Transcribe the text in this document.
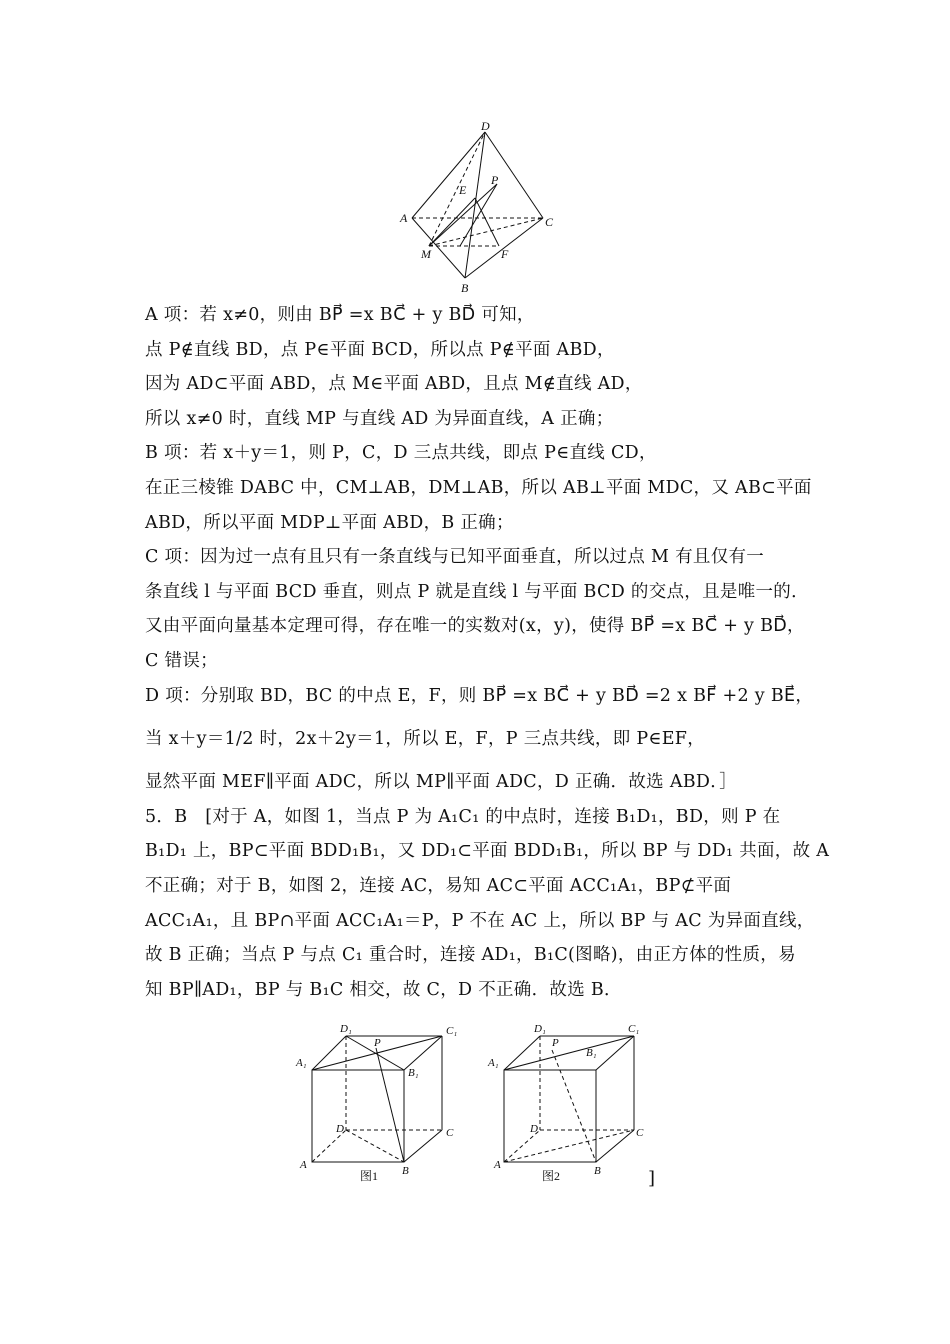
D
A	C
E
P
M	F
B
A 项：若 x≠0，则由 BP⃗ =x BC⃗ + y BD⃗ 可知，
点 P∉直线 BD，点 P∈平面 BCD，所以点 P∉平面 ABD，
因为 AD⊂平面 ABD，点 M∈平面 ABD，且点 M∉直线 AD，
所以 x≠0 时，直线 MP 与直线 AD 为异面直线，A 正确；
B 项：若 x＋y＝1，则 P，C，D 三点共线，即点 P∈直线 CD，
在正三棱锥 DABC 中，CM⊥AB，DM⊥AB，所以 AB⊥平面 MDC，又 AB⊂平面
ABD，所以平面 MDP⊥平面 ABD，B 正确；
C 项：因为过一点有且只有一条直线与已知平面垂直，所以过点 M 有且仅有一
条直线 l 与平面 BCD 垂直，则点 P 就是直线 l 与平面 BCD 的交点，且是唯一的．
又由平面向量基本定理可得，存在唯一的实数对(x，y)，使得 BP⃗ =x BC⃗ + y BD⃗，
C 错误；
D 项：分别取 BD，BC 的中点 E，F，则 BP⃗ =x BC⃗ + y BD⃗ =2 x BF⃗ +2 y BE⃗，
当 x＋y＝1/2 时，2x＋2y＝1，所以 E，F，P 三点共线，即 P∈EF，
显然平面 MEF∥平面 ADC，所以 MP∥平面 ADC，D 正确．故选 ABD．］
5．B　[对于 A，如图 1，当点 P 为 A₁C₁ 的中点时，连接 B₁D₁，BD，则 P 在
B₁D₁ 上，BP⊂平面 BDD₁B₁，又 DD₁⊂平面 BDD₁B₁，所以 BP 与 DD₁ 共面，故 A
不正确；对于 B，如图 2，连接 AC，易知 AC⊂平面 ACC₁A₁，BP⊄平面
ACC₁A₁，且 BP∩平面 ACC₁A₁＝P，P 不在 AC 上，所以 BP 与 AC 为异面直线，
故 B 正确；当点 P 与点 C₁ 重合时，连接 AD₁，B₁C(图略)，由正方体的性质，易
知 BP∥AD₁，BP 与 B₁C 相交，故 C，D 不正确．故选 B．
D₁	C₁
A₁
B₁
P
D	C
A	B
D₁	C₁
A₁
B₁
P
D	C
A	B
图1	图2	]
